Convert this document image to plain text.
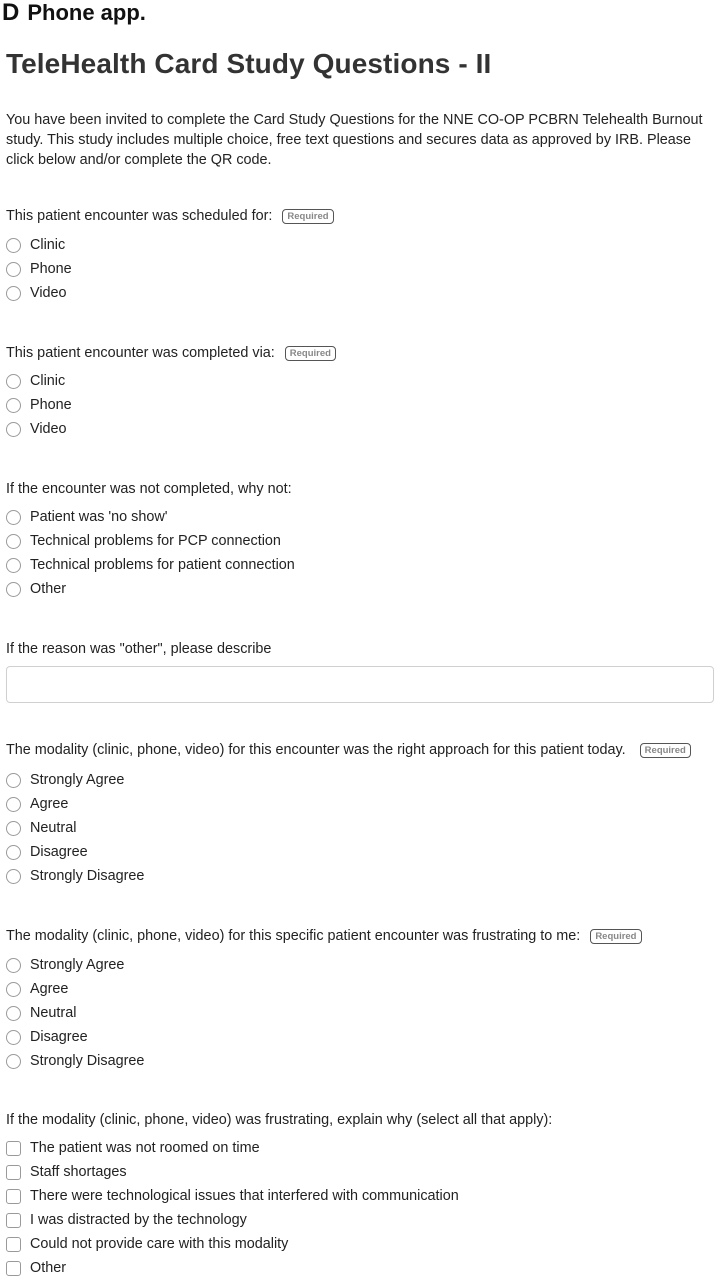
D Phone app.
TeleHealth Card Study Questions - II
You have been invited to complete the Card Study Questions for the NNE CO-OP PCBRN Telehealth Burnout study. This study includes multiple choice, free text questions and secures data as approved by IRB. Please click below and/or complete the QR code.
This patient encounter was scheduled for: Required
Clinic
Phone
Video
This patient encounter was completed via: Required
Clinic
Phone
Video
If the encounter was not completed, why not:
Patient was 'no show'
Technical problems for PCP connection
Technical problems for patient connection
Other
If the reason was "other", please describe
The modality (clinic, phone, video) for this encounter was the right approach for this patient today. Required
Strongly Agree
Agree
Neutral
Disagree
Strongly Disagree
The modality (clinic, phone, video) for this specific patient encounter was frustrating to me: Required
Strongly Agree
Agree
Neutral
Disagree
Strongly Disagree
If the modality (clinic, phone, video) was frustrating, explain why (select all that apply):
The patient was not roomed on time
Staff shortages
There were technological issues that interfered with communication
I was distracted by the technology
Could not provide care with this modality
Other
